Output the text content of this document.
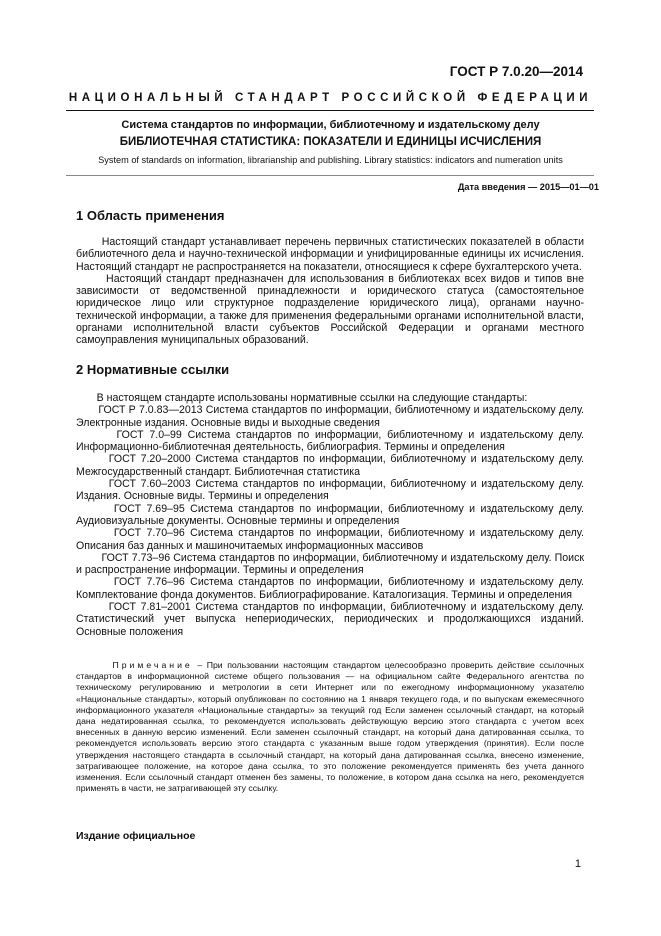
ГОСТ Р 7.0.20—2014
НАЦИОНАЛЬНЫЙ СТАНДАРТ РОССИЙСКОЙ ФЕДЕРАЦИИ
Система стандартов по информации, библиотечному и издательскому делу
БИБЛИОТЕЧНАЯ СТАТИСТИКА: ПОКАЗАТЕЛИ И ЕДИНИЦЫ ИСЧИСЛЕНИЯ
System of standards on information, librarianship and publishing. Library statistics: indicators and numeration units
Дата введения — 2015—01—01
1 Область применения

Настоящий стандарт устанавливает перечень первичных статистических показателей в области библиотечного дела и научно-технической информации и унифицированные единицы их исчисления. Настоящий стандарт не распространяется на показатели, относящиеся к сфере бухгалтерского учета.

Настоящий стандарт предназначен для использования в библиотеках всех видов и типов вне зависимости от ведомственной принадлежности и юридического статуса (самостоятельное юридическое лицо или структурное подразделение юридического лица), органами научно-технической информации, а также для применения федеральными органами исполнительной власти, органами исполнительной власти субъектов Российской Федерации и органами местного самоуправления муниципальных образований.

2 Нормативные ссылки

В настоящем стандарте использованы нормативные ссылки на следующие стандарты:

ГОСТ Р 7.0.83—2013 Система стандартов по информации, библиотечному и издательскому делу. Электронные издания. Основные виды и выходные сведения

ГОСТ 7.0–99 Система стандартов по информации, библиотечному и издательскому делу. Информационно-библиотечная деятельность, библиография. Термины и определения

ГОСТ 7.20–2000 Система стандартов по информации, библиотечному и издательскому делу. Межгосударственный стандарт. Библиотечная статистика

ГОСТ 7.60–2003 Система стандартов по информации, библиотечному и издательскому делу. Издания. Основные виды. Термины и определения

ГОСТ 7.69–95 Система стандартов по информации, библиотечному и издательскому делу. Аудиовизуальные документы. Основные термины и определения

ГОСТ 7.70–96 Система стандартов по информации, библиотечному и издательскому делу. Описания баз данных и машиночитаемых информационных массивов

ГОСТ 7.73–96 Система стандартов по информации, библиотечному и издательскому делу. Поиск и распространение информации. Термины и определения

ГОСТ 7.76–96 Система стандартов по информации, библиотечному и издательскому делу. Комплектование фонда документов. Библиографирование. Каталогизация. Термины и определения

ГОСТ 7.81–2001 Система стандартов по информации, библиотечному и издательскому делу. Статистический учет выпуска непериодических, периодических и продолжающихся изданий. Основные положения

Примечание – При пользовании настоящим стандартом целесообразно проверить действие ссылочных стандартов в информационной системе общего пользования — на официальном сайте Федерального агентства по техническому регулированию и метрологии в сети Интернет или по ежегодному информационному указателю «Национальные стандарты», который опубликован по состоянию на 1 января текущего года, и по выпускам ежемесячного информационного указателя «Национальные стандарты» за текущий год Если заменен ссылочный стандарт, на который дана недатированная ссылка, то рекомендуется использовать действующую версию этого стандарта с учетом всех внесенных в данную версию изменений. Если заменен ссылочный стандарт, на который дана датированная ссылка, то рекомендуется использовать версию этого стандарта с указанным выше годом утверждения (принятия). Если после утверждения настоящего стандарта в ссылочный стандарт, на который дана датированная ссылка, внесено изменение, затрагивающее положение, на которое дана ссылка, то это положение рекомендуется применять без учета данного изменения. Если ссылочный стандарт отменен без замены, то положение, в котором дана ссылка на него, рекомендуется применять в части, не затрагивающей эту ссылку.

Издание официальное
1
